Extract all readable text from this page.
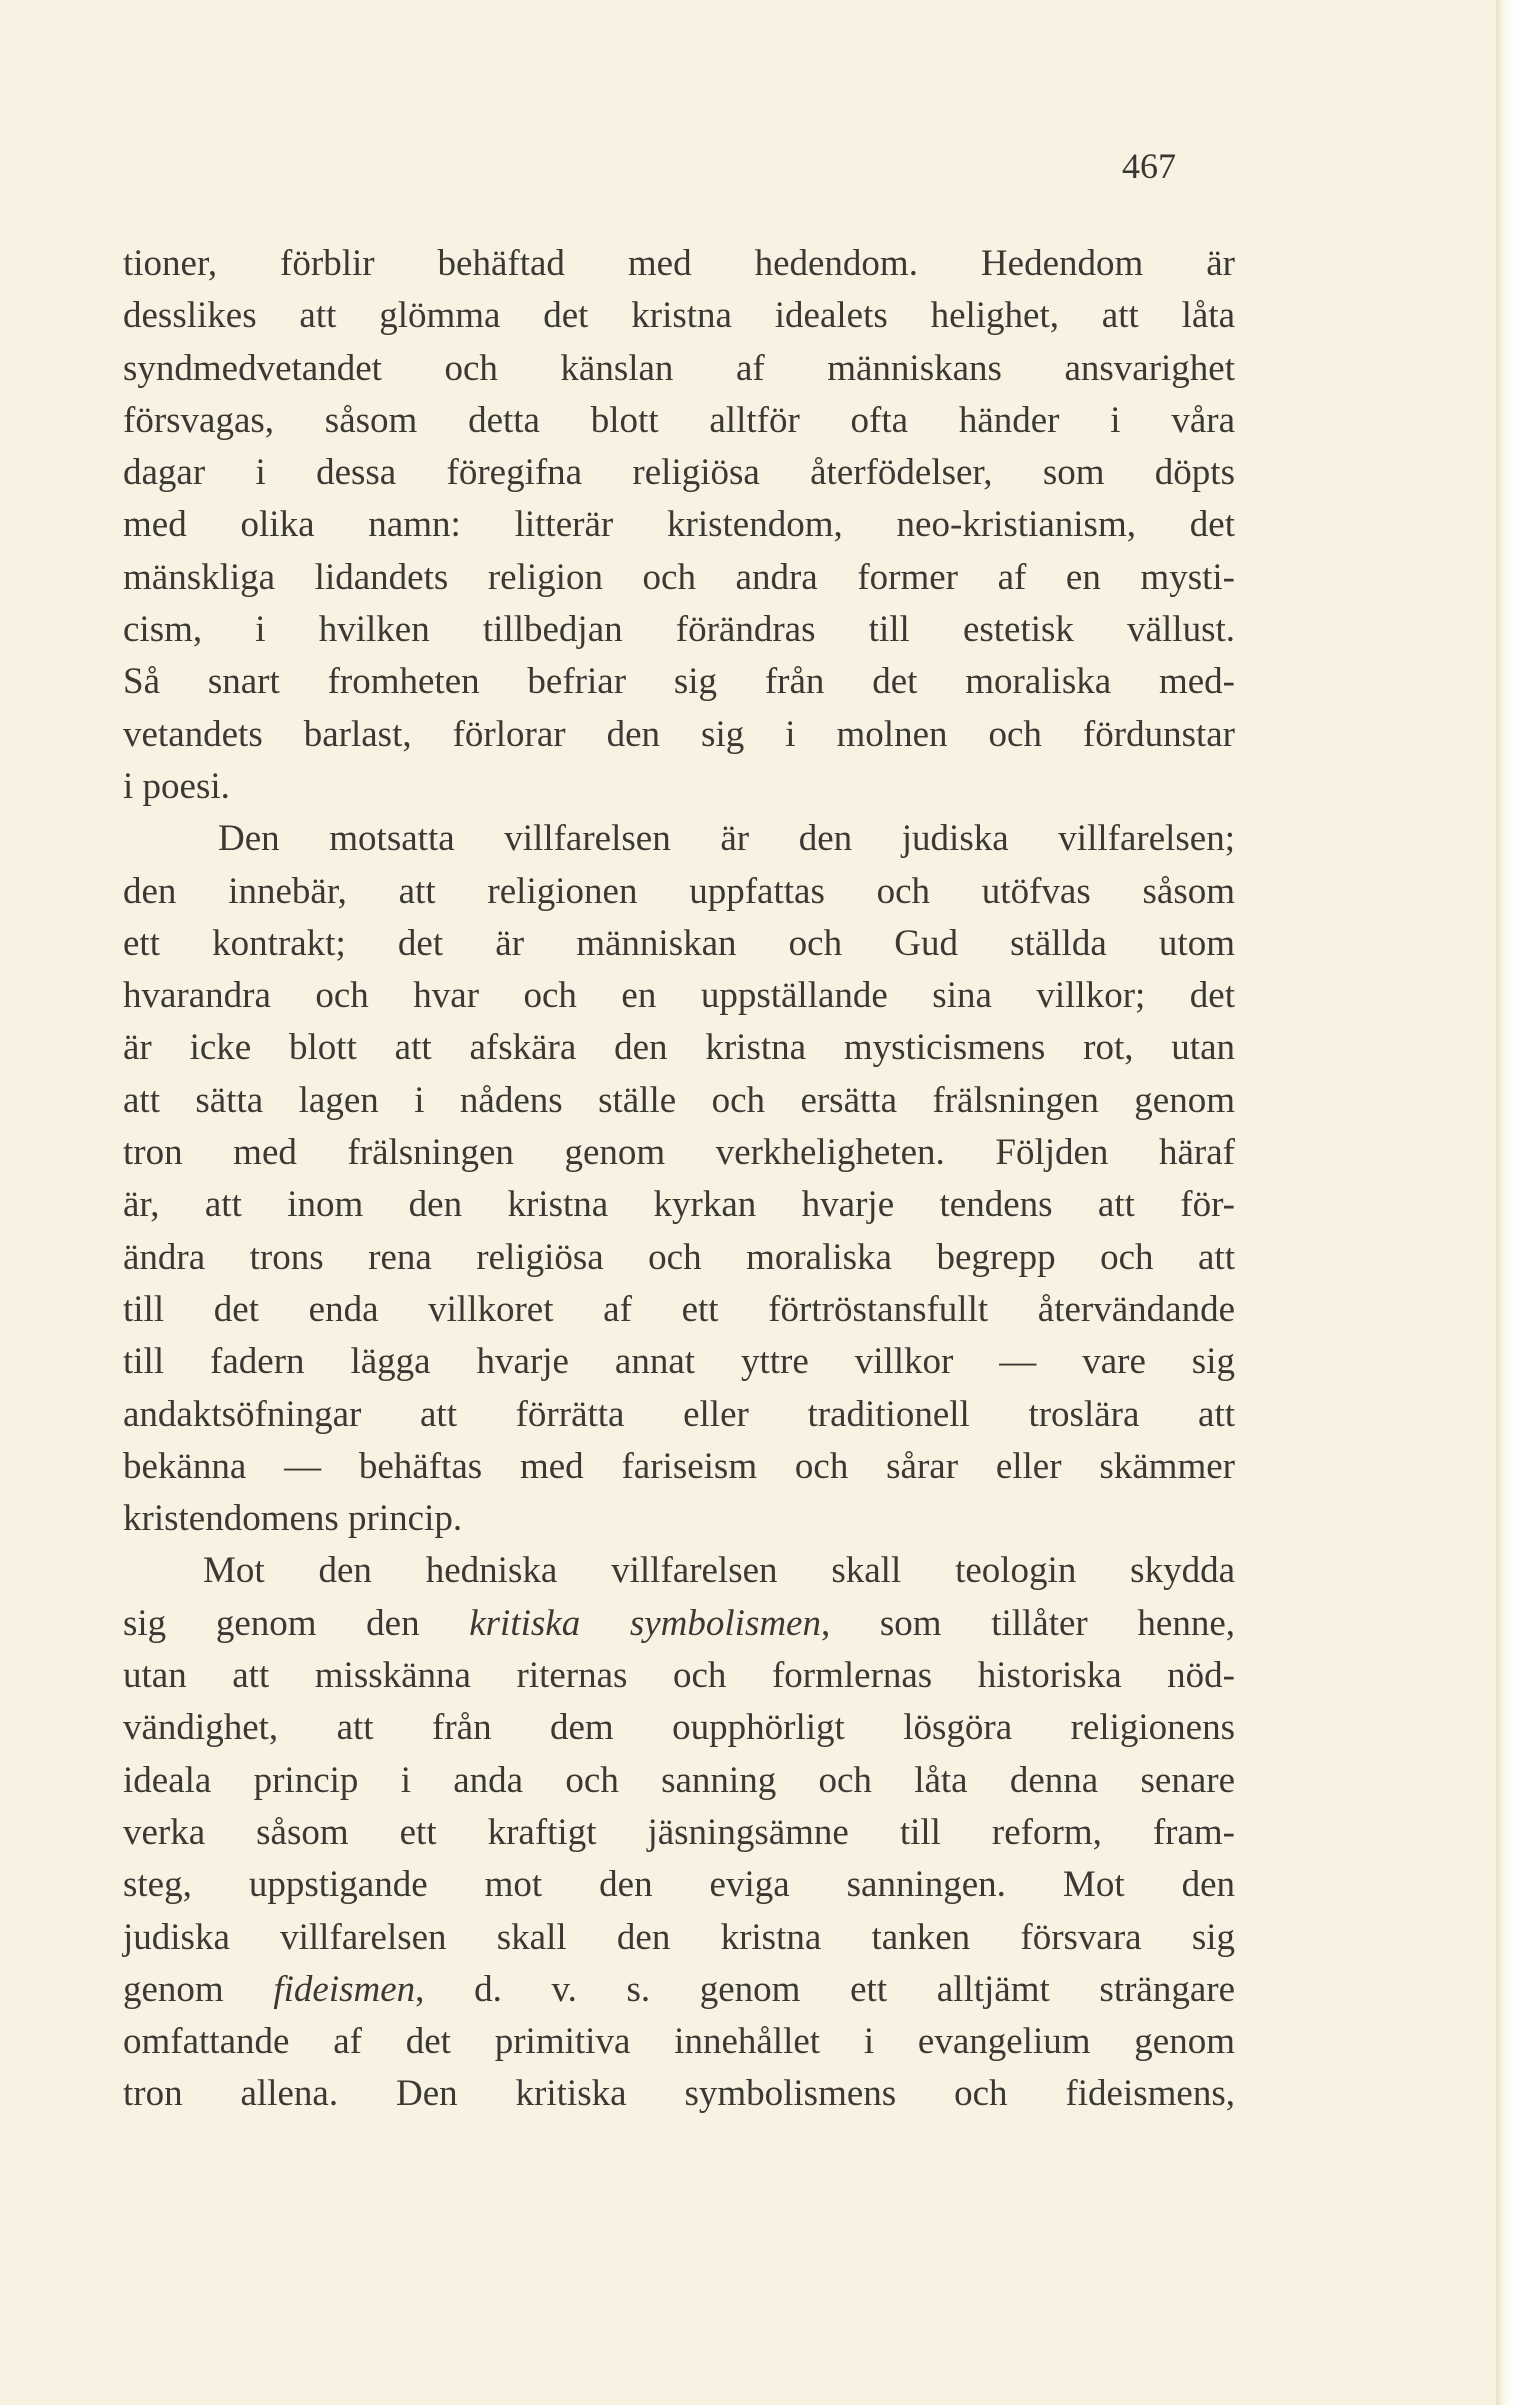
467
tioner, förblir behäftad med hedendom. Hedendom är
desslikes att glömma det kristna idealets helighet, att låta
syndmedvetandet och känslan af människans ansvarighet
försvagas, såsom detta blott alltför ofta händer i våra
dagar i dessa föregifna religiösa återfödelser, som döpts
med olika namn: litterär kristendom, neo-kristianism, det
mänskliga lidandets religion och andra former af en mysti-
cism, i hvilken tillbedjan förändras till estetisk vällust.
Så snart fromheten befriar sig från det moraliska med-
vetandets barlast, förlorar den sig i molnen och fördunstar
i poesi.
Den motsatta villfarelsen är den judiska villfarelsen;
den innebär, att religionen uppfattas och utöfvas såsom
ett kontrakt; det är människan och Gud ställda utom
hvarandra och hvar och en uppställande sina villkor; det
är icke blott att afskära den kristna mysticismens rot, utan
att sätta lagen i nådens ställe och ersätta frälsningen genom
tron med frälsningen genom verkheligheten. Följden häraf
är, att inom den kristna kyrkan hvarje tendens att för-
ändra trons rena religiösa och moraliska begrepp och att
till det enda villkoret af ett förtröstansfullt återvändande
till fadern lägga hvarje annat yttre villkor — vare sig
andaktsöfningar att förrätta eller traditionell troslära att
bekänna — behäftas med fariseism och sårar eller skämmer
kristendomens princip.
Mot den hedniska villfarelsen skall teologin skydda
sig genom den kritiska symbolismen, som tillåter henne,
utan att misskänna riternas och formlernas historiska nöd-
vändighet, att från dem oupphörligt lösgöra religionens
ideala princip i anda och sanning och låta denna senare
verka såsom ett kraftigt jäsningsämne till reform, fram-
steg, uppstigande mot den eviga sanningen. Mot den
judiska villfarelsen skall den kristna tanken försvara sig
genom fideismen, d. v. s. genom ett alltjämt strängare
omfattande af det primitiva innehållet i evangelium genom
tron allena. Den kritiska symbolismens och fideismens,
